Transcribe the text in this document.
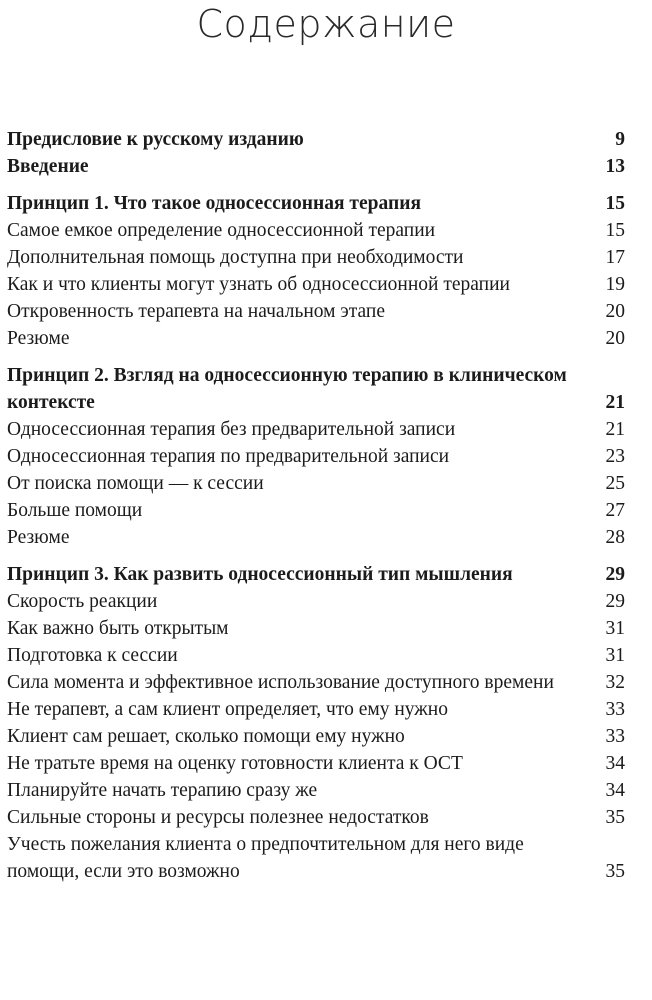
Содержание
Предисловие к русскому изданию	9
Введение	13
Принцип 1. Что такое односессионная терапия	15
Самое емкое определение односессионной терапии	15
Дополнительная помощь доступна при необходимости	17
Как и что клиенты могут узнать об односессионной терапии	19
Откровенность терапевта на начальном этапе	20
Резюме	20
Принцип 2. Взгляд на односессионную терапию в клиническом контексте	21
Односессионная терапия без предварительной записи	21
Односессионная терапия по предварительной записи	23
От поиска помощи — к сессии	25
Больше помощи	27
Резюме	28
Принцип 3. Как развить односессионный тип мышления	29
Скорость реакции	29
Как важно быть открытым	31
Подготовка к сессии	31
Сила момента и эффективное использование доступного времени	32
Не терапевт, а сам клиент определяет, что ему нужно	33
Клиент сам решает, сколько помощи ему нужно	33
Не тратьте время на оценку готовности клиента к ОСТ	34
Планируйте начать терапию сразу же	34
Сильные стороны и ресурсы полезнее недостатков	35
Учесть пожелания клиента о предпочтительном для него виде помощи, если это возможно	35
